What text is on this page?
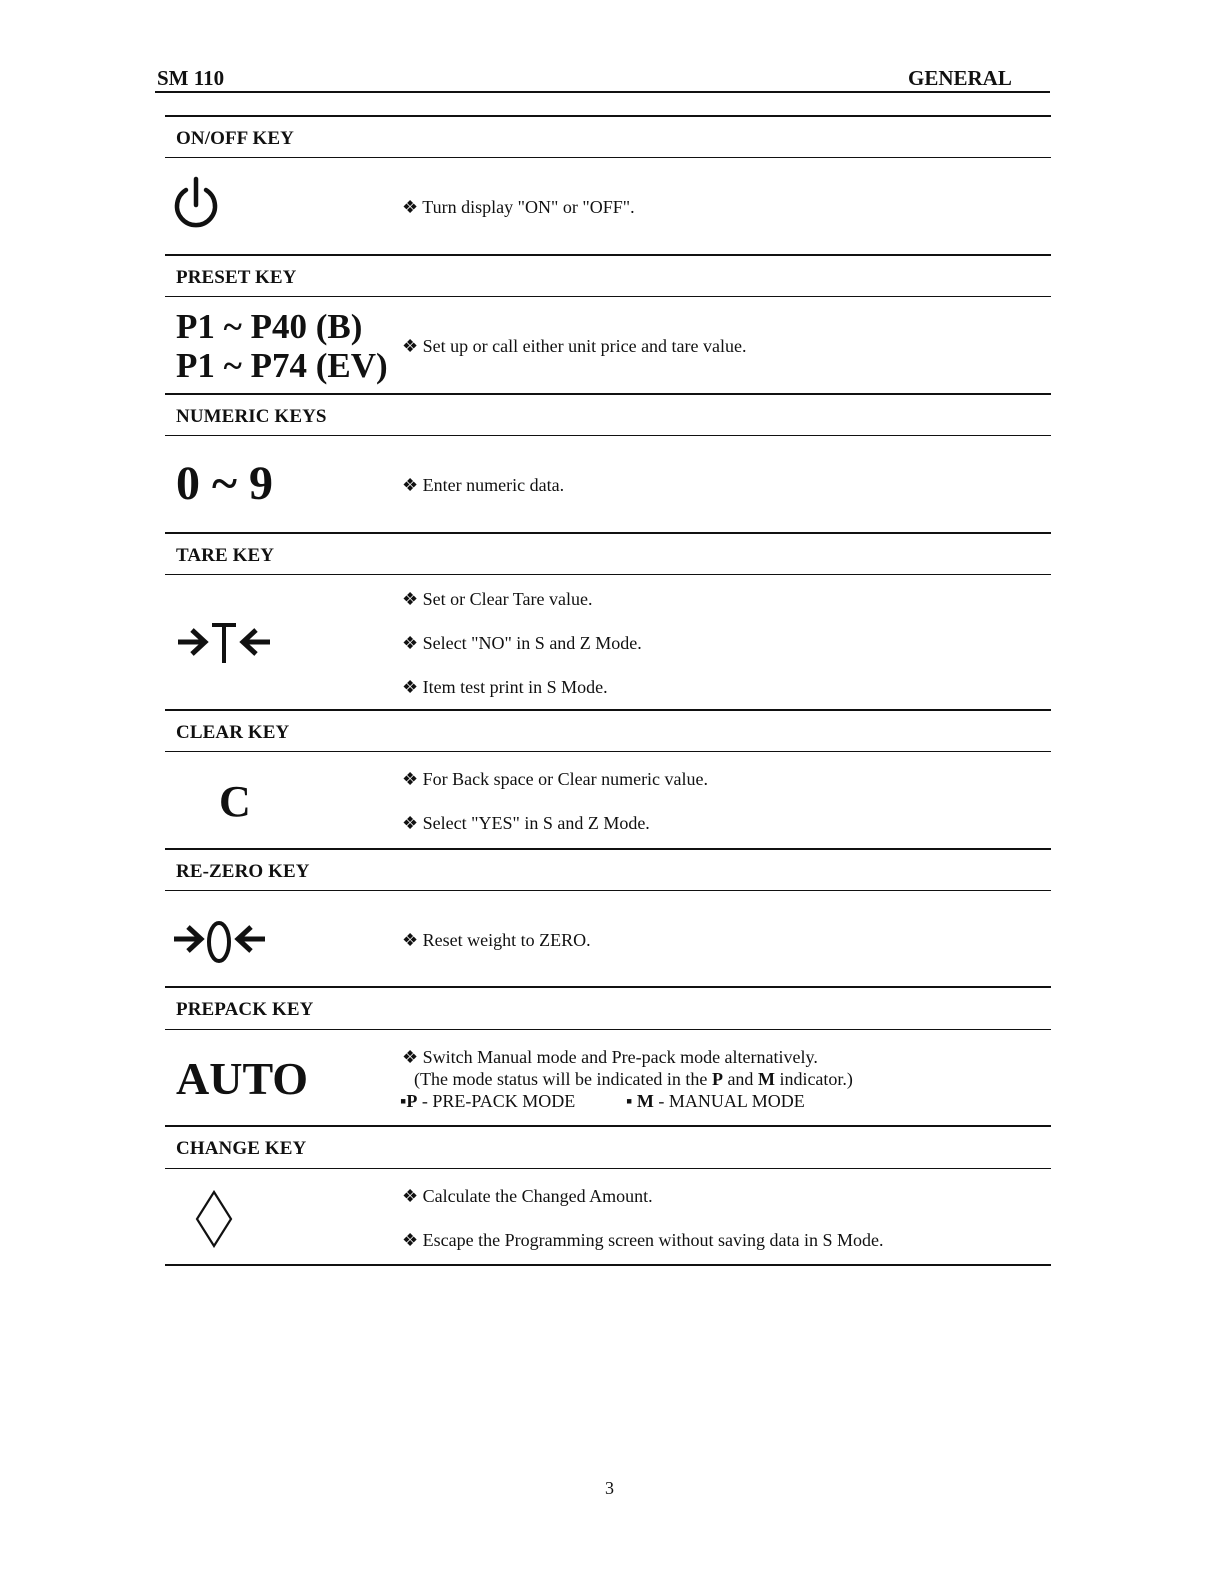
SM 110	GENERAL
ON/OFF KEY
❖ Turn display "ON" or "OFF".
PRESET KEY
P1 ~ P40 (B)
P1 ~ P74 (EV) ❖ Set up or call either unit price and tare value.
NUMERIC KEYS
0 ~ 9	❖ Enter numeric data.
TARE KEY
❖ Set or Clear Tare value.
❖ Select "NO" in S and Z Mode.
❖ Item test print in S Mode.
CLEAR KEY
C	❖ For Back space or Clear numeric value.
❖ Select "YES" in S and Z Mode.
RE-ZERO KEY
❖ Reset weight to ZERO.
PREPACK KEY
AUTO	❖ Switch Manual mode and Pre-pack mode alternatively.
(The mode status will be indicated in the P and M indicator.)
▪P - PRE-PACK MODE	▪ M - MANUAL MODE
CHANGE KEY
❖ Calculate the Changed Amount.
❖ Escape the Programming screen without saving data in S Mode.
3
